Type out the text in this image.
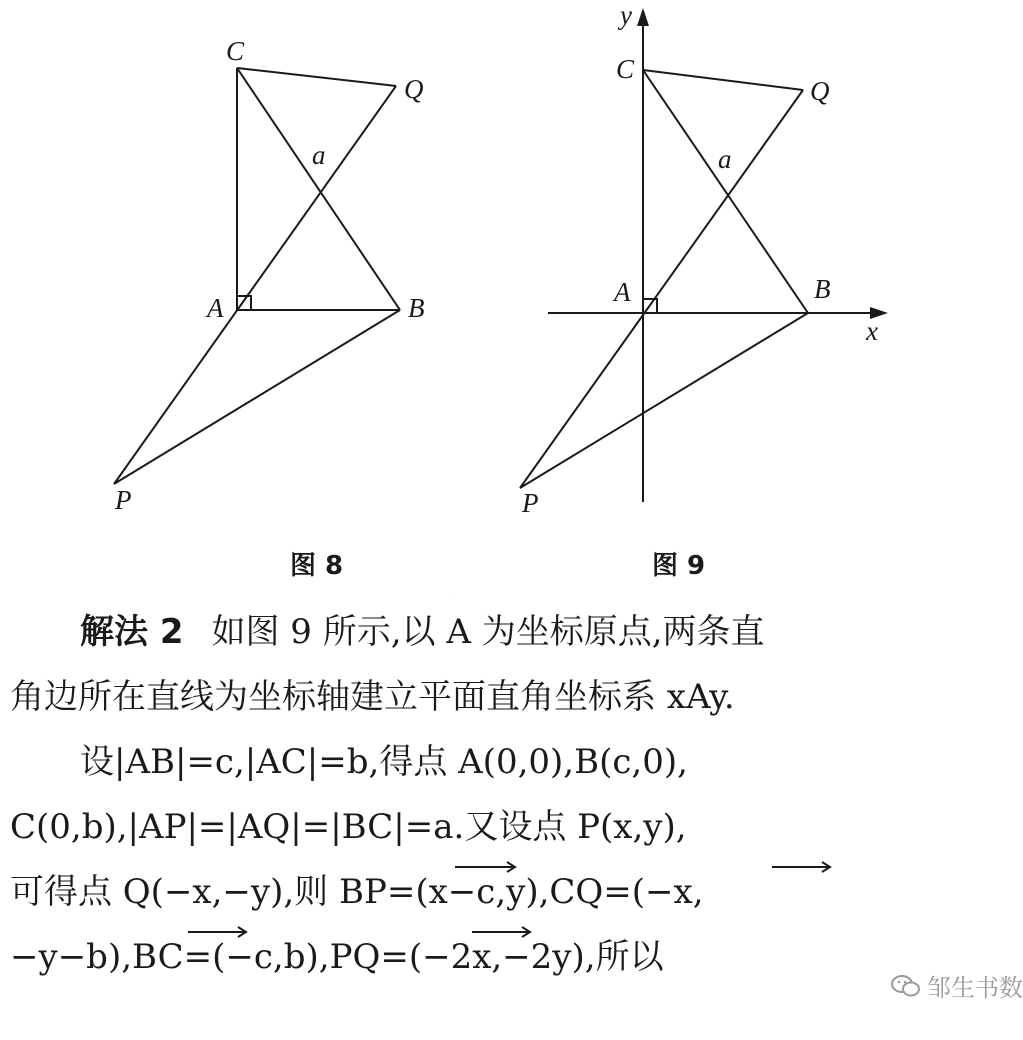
C
Q
a
A	B
P
图 8
y
C
Q
a
A	B
x
P
图 9
解法 2 如图 9 所示,以 A 为坐标原点,两条直
角边所在直线为坐标轴建立平面直角坐标系 xAy.
设|AB|=c,|AC|=b,得点 A(0,0),B(c,0),
C(0,b),|AP|=|AQ|=|BC|=a.又设点 P(x,y),
可得点 Q(−x,−y),则 BP=(x−c,y),CQ=(−x,
−y−b),BC=(−c,b),PQ=(−2x,−2y),所以
邹生书数
